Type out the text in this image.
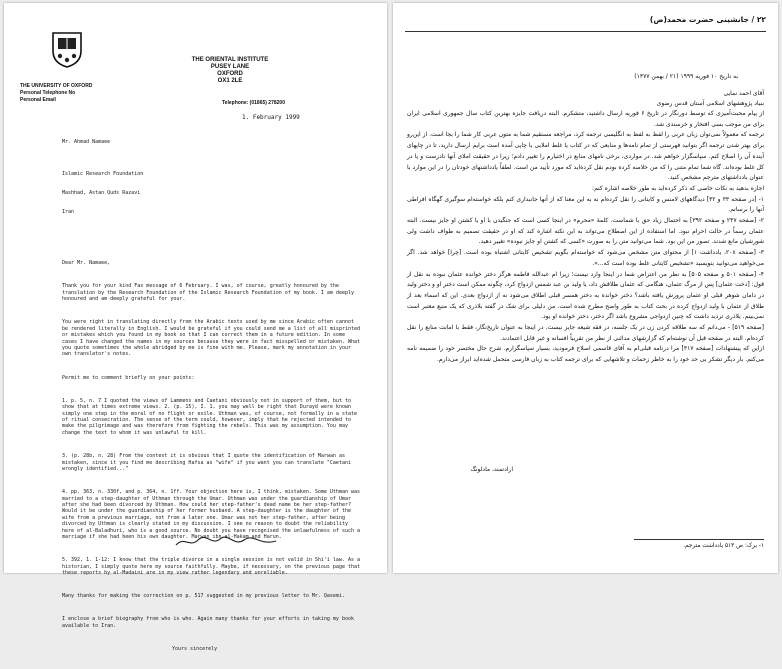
THE UNIVERSITY OF OXFORD
Personal Telephone No
Personal Email
THE ORIENTAL INSTITUTE
PUSEY LANE
OXFORD
OX1 2LE
Telephone: (01865) 278200
1. February 1999

Mr. Ahmad Namaee

Islamic Research Foundation

Mashhad, Astan Quds Razavi

Iran

Dear Mr. Namaee,

Thank you for your kind Fax message of 6 February. I was, of course, greatly honoured by the translation by the Research Foundation of the Islamic Research Foundation of my book. I am deeply honoured and am deeply grateful for your.

You were right in translating directly from the Arabic texts used by me since Arabic often cannot be rendered literally in English. I would be grateful if you could send me a list of all misprinted or mistakes which you found in my book so that I can correct them in a future edition. In some cases I have changed the names in my sources because they were in fact misspelled or mistaken. What you quote sometimes the whole abridged by me is fine with me. Please, mark my annotation in your own translator's notes.

Permit me to comment briefly on your points:

1. p. 5, n. 7 I quoted the views of Lammens and Caetani obviously not in support of them, but to show that at times extreme views. 2. (p. 15), I. 1, you may well be right that Durayd were known simply one step in the moral of no flight or exile. Uthman was, of course, not formally in a state of ritual consecration. The sense of the term could, however, imply that he rejected intended to make the pilgrimage and was therefore from fighting the rebels. This was my assumption. You may change the text to whom it was unlawful to kill.

3. (p. 28b, n. 28) From the context it is obvious that I quote the identification of Marwan as mistaken, since it you find me describing Hafsa as "wife" if you want you can translate "Caetani wrongly identified..."

4. pp. 363, n. 330f, and p. 364, n. 1ff. Your objection here is, I think, mistaken. Some Uthman was married to a step-daughter of Uthman through the Umar. Uthman was under the guardianship of Umar after she had been divorced by Uthman. How could her step-father's dead name be her step-father? Would it be under the guardianship of her former husband. A step-daughter is the daughter of the wife from a previous marriage, not from a later one. Umar was not her step-father, after being divorced by Uthman is clearly stated in my discussion. I see no reason to doubt the reliability here of al-Baladhuri, who is a good source. No doubt you have recognised the unlawfulness of such a marriage if she had been his own daughter. Marwan ibn al-Hakam and Harun.

5. 392, 1. 1-12: I know that the triple divorce in a single session is not valid in Shi'i law. As a historian, I simply quote here my source faithfully. Maybe, if necessary, on the previous page that these reports by al-Madaini are in my view rather legendary and unreliable.

Many thanks for making the correction on p. 517 suggested in my previous letter to Mr. Qasemi.

I enclose a brief biography from who is who. Again many thanks for your efforts in taking my book available to Iran.

Yours sincerely

۲۲ / جانشینی حضرت محمد(ص)
به تاریخ ۱۰ فوریه ۱۹۹۹ (۲۱ / بهمن ۱۳۷۷)
آقای احمد نمایی
بنیاد پژوهشهای اسلامی آستان قدس رضوی

از پیام محبت‌آمیزی که توسط دورنگار در تاریخ ۶ فوریه ارسال داشتید، متشکرم. البته دریافت جایزه بهترین کتاب سال جمهوری اسلامی ایران برای من موجب بسی افتخار و خرسندی شد.

ترجمه که معمولاً نمی‌توان زبان عربی را لفظ به لفظ به انگلیسی ترجمه کرد، مراجعه مستقیم شما به متون عربی کار شما را بجا است. از این‌رو برای بهتر شدن ترجمه اگر بتوانید فهرستی از تمام نامه‌ها و منابعی که در کتاب یا غلط املایی یا چاپی آمده است برایم ارسال دارید، تا در چاپهای آینده آن را اصلاح کنم. سپاسگزار خواهم شد. در مواردی، برخی نامهای منابع در اختیارم را تغییر دادم؛ زیرا در حقیقت املای آنها نادرست و یا در کل غلط بوده‌اند. گاه شما تمام متنی را که من خلاصه کرده بودم نقل کرده‌اید که مورد تأیید من است. لطفاً یادداشتهای خودتان را در این موارد با عنوان یادداشتهای مترجم مشخص کنید.

اجازه بدهید به نکات خاصی که ذکر کرده‌اید به طور خلاصه اشاره کنم:

۱- [در صفحه ۳۳ و ۳۲] دیدگاههای لامنس و کایتانی را نقل کرده‌ام نه به این معنا که از آنها جانبداری کنم بلکه خواسته‌ام سوگیری گهگاه افراطی آنها را برسانم.

۲- [صفحه ۲۴۷ و صفحه ۳۹۲] به احتمال زیاد حق با شماست. کلمهٔ «محرم» در اینجا کسی است که جنگیدن با او یا کشتن او جایز نیست. البته عثمان رسماً در حالت احرام نبود. اما استفاده از این اصطلاح می‌تواند به این نکته اشاره کند که او در حقیقت تصمیم به طواف داشت ولی شورشیان مانع شدند. تصور من این بود. شما می‌توانید متن را به صورت «کسی که کشتن او جایز نبوده» تغییر دهید.

۳- [صفحه ۲۰۸، یادداشت ۱] از محتوای متن مشخص می‌شود که خواسته‌ام بگویم تشخیص کایتانی اشتباه بوده است. [چرا] خواهد شد. اگر می‌خواهید می‌توانید بنویسید «تشخیص کایتانی غلط بوده است که...».

۴- [صفحه ۵۰۱ و صفحه ۵۰۵] به نظر من اعتراض شما در اینجا وارد نیست؛ زیرا ام عبدالله فاطمه هرگز دختر خوانده عثمان نبوده به نقل از قول: [دخت عثمان] پس از مرگ عثمان، هنگامی که عثمان طلاقش داد، یا ولید بن عبد شمس ازدواج کرد، چگونه ممکن است دختر او و دختر ولید در دامان شوهر قبلی او عثمان پرورش یافته باشد؟ دختر خوانده به دختر همسر قبلی اطلاق می‌شود نه از ازدواج بعدی. این که اسماء بعد از طلاق از عثمان با ولید ازدواج کرده در بحث کتاب به طور واضح مطرح شده است. من دلیلی برای شک در گفته بلاذری که یک منبع معتبر است نمی‌بینم. بلاذری تردید داشت که چنین ازدواجی مشروع باشد اگر دختر، دختر خوانده او بود.

[صفحه ۵۱۹] - می‌دانم که سه طلاقه کردن زن در یک جلسه، در فقه شیعه جایز نیست. در اینجا به عنوان تاریخ‌نگار، فقط با امانت منابع را نقل کرده‌ام. البته در صفحه قبل آن نوشته‌ام که گزارشهای مدائنی از نظر من تقریباً افسانه و غیر قابل اعتمادند.

ازاین که پیشنهادات [صفحه ۳۱۷] مرا درنامه قبلی‌ام به آقای قاسمی اصلاح فرمودید، بسیار سپاسگزارم. شرح حال مختصر خود را ضمیمه نامه می‌کنم. بار دیگر تشکر بی حد خود را به خاطر زحمات و تلاشهایی که برای ترجمه کتاب به زبان فارسی متحمل شده‌اید ابراز می‌دارم.

ارادتمند، مادلونگ
۱- برک: ص ۵۱۳ یادداشت مترجم.
